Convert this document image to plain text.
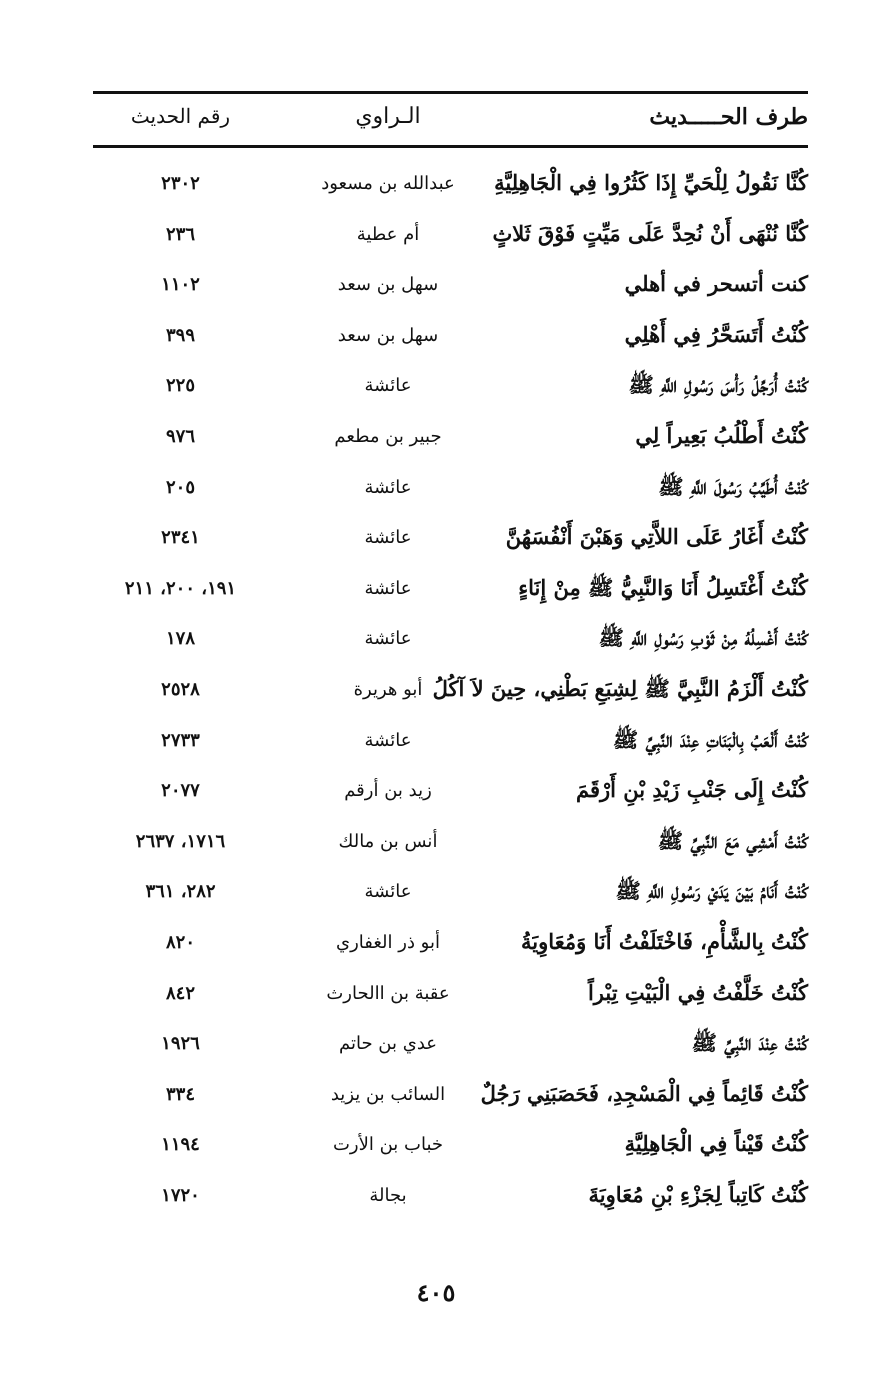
طرف الحـــــديث
الـراوي
رقم الحديث
كُنَّا نَقُولُ لِلْحَيِّ إِذَا كَثُرُوا فِي الْجَاهِلِيَّةِ
عبدالله بن مسعود
٢٣٠٢
كُنَّا نُنْهَى أَنْ نُحِدَّ عَلَى مَيِّتٍ فَوْقَ ثَلاثٍ
أم عطية
٢٣٦
كنت أتسحر في أهلي
سهل بن سعد
١١٠٢
كُنْتُ أَتَسَحَّرُ فِي أَهْلِي
سهل بن سعد
٣٩٩
كُنْتُ أُرَجِّلُ رَأْسَ رَسُولِ اللَّهِ ﷺ
عائشة
٢٢٥
كُنْتُ أَطْلُبُ بَعِيراً لِي
جبير بن مطعم
٩٧٦
كُنْتُ أُطَيِّبُ رَسُولَ اللَّهِ ﷺ
عائشة
٢٠٥
كُنْتُ أَغَارُ عَلَى اللاَّتِي وَهَبْنَ أَنْفُسَهُنَّ
عائشة
٢٣٤١
كُنْتُ أَغْتَسِلُ أَنَا وَالنَّبِيُّ ﷺ مِنْ إِنَاءٍ
عائشة
١٩١، ٢٠٠، ٢١١
كُنْتُ أَغْسِلُهُ مِنْ ثَوْبِ رَسُولِ اللَّهِ ﷺ
عائشة
١٧٨
كُنْتُ أَلْزَمُ النَّبِيَّ ﷺ لِشِبَعِ بَطْنِي، حِينَ لاَ آكُلُ
أبو هريرة
٢٥٢٨
كُنْتُ أَلْعَبُ بِالْبَنَاتِ عِنْدَ النَّبِيِّ ﷺ
عائشة
٢٧٣٣
كُنْتُ إِلَى جَنْبِ زَيْدِ بْنِ أَرْقَمَ
زيد بن أرقم
٢٠٧٧
كُنْتُ أَمْشِي مَعَ النَّبِيِّ ﷺ
أنس بن مالك
١٧١٦، ٢٦٣٧
كُنْتُ أَنَامُ بَيْنَ يَدَيْ رَسُولِ اللَّهِ ﷺ
عائشة
٢٨٢، ٣٦١
كُنْتُ بِالشَّأْمِ، فَاخْتَلَفْتُ أَنَا وَمُعَاوِيَةُ
أبو ذر الغفاري
٨٢٠
كُنْتُ خَلَّفْتُ فِي الْبَيْتِ تِبْراً
عقبة بن االحارث
٨٤٢
كُنْتُ عِنْدَ النَّبِيِّ ﷺ
عدي بن حاتم
١٩٢٦
كُنْتُ قَائِماً فِي الْمَسْجِدِ، فَحَصَبَنِي رَجُلٌ
السائب بن يزيد
٣٣٤
كُنْتُ قَيْناً فِي الْجَاهِلِيَّةِ
خباب بن الأرت
١١٩٤
كُنْتُ كَاتِباً لِجَزْءِ بْنِ مُعَاوِيَةَ
بجالة
١٧٢٠
٤٠٥
